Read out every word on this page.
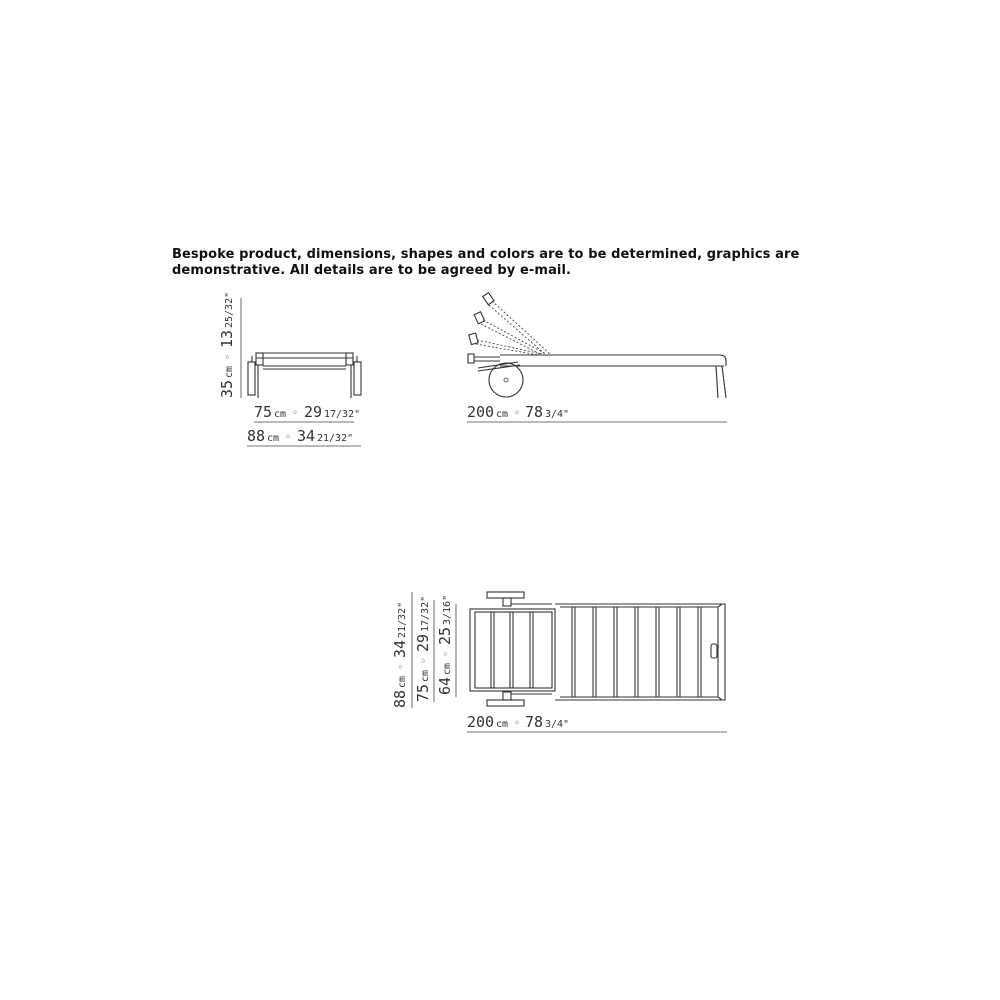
Bespoke product, dimensions, shapes and colors are to be determined, graphics are
demonstrative. All details are to be agreed by e-mail.
35
cm
◦
13
25/32"
75 cm ◦ 29 17/32"
88 cm ◦ 34 21/32"
200 cm ◦ 78 3/4"
88
cm
◦
34
21/32"
75
cm
◦
29
17/32"
64
cm
◦
25
3/16"
200 cm ◦ 78 3/4"
